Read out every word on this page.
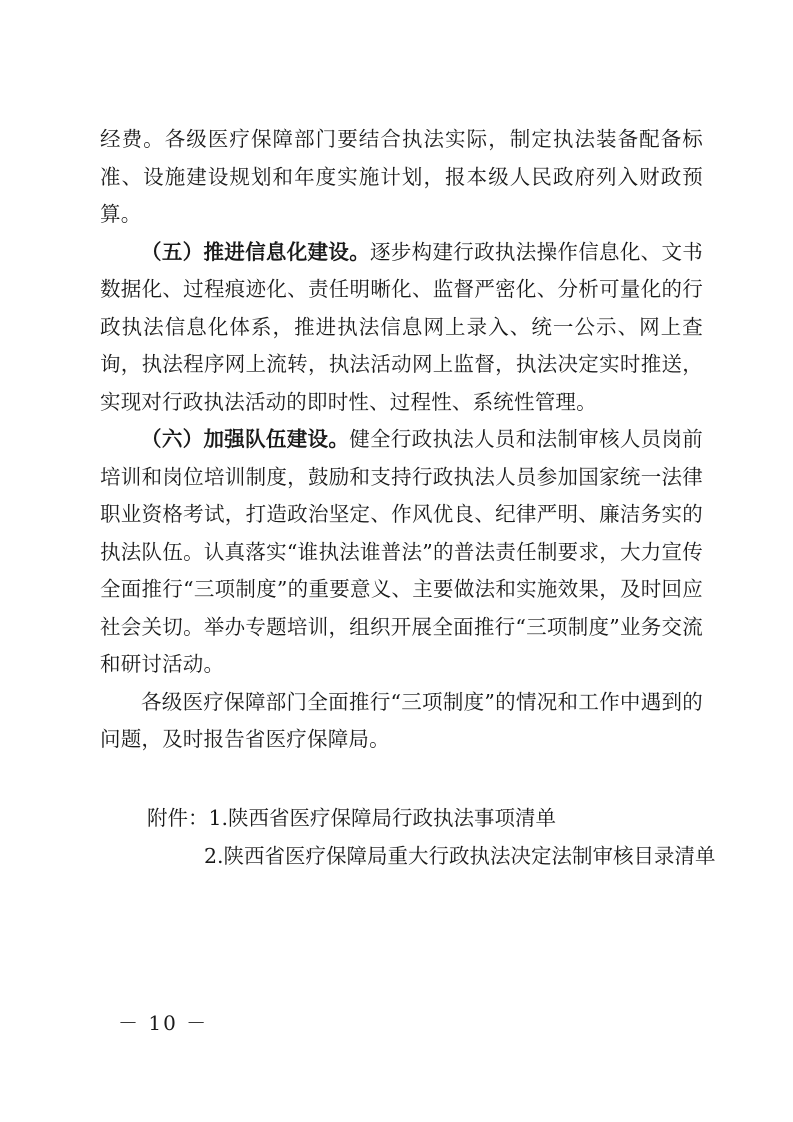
经费。各级医疗保障部门要结合执法实际，制定执法装备配备标准、设施建设规划和年度实施计划，报本级人民政府列入财政预算。

（五）推进信息化建设。逐步构建行政执法操作信息化、文书数据化、过程痕迹化、责任明晰化、监督严密化、分析可量化的行政执法信息化体系，推进执法信息网上录入、统一公示、网上查询，执法程序网上流转，执法活动网上监督，执法决定实时推送，实现对行政执法活动的即时性、过程性、系统性管理。

（六）加强队伍建设。健全行政执法人员和法制审核人员岗前培训和岗位培训制度，鼓励和支持行政执法人员参加国家统一法律职业资格考试，打造政治坚定、作风优良、纪律严明、廉洁务实的执法队伍。认真落实“谁执法谁普法”的普法责任制要求，大力宣传全面推行“三项制度”的重要意义、主要做法和实施效果，及时回应社会关切。举办专题培训，组织开展全面推行“三项制度”业务交流和研讨活动。

各级医疗保障部门全面推行“三项制度”的情况和工作中遇到的问题，及时报告省医疗保障局。

附件：1.陕西省医疗保障局行政执法事项清单
2.陕西省医疗保障局重大行政执法决定法制审核目录清单
－ 10 －
